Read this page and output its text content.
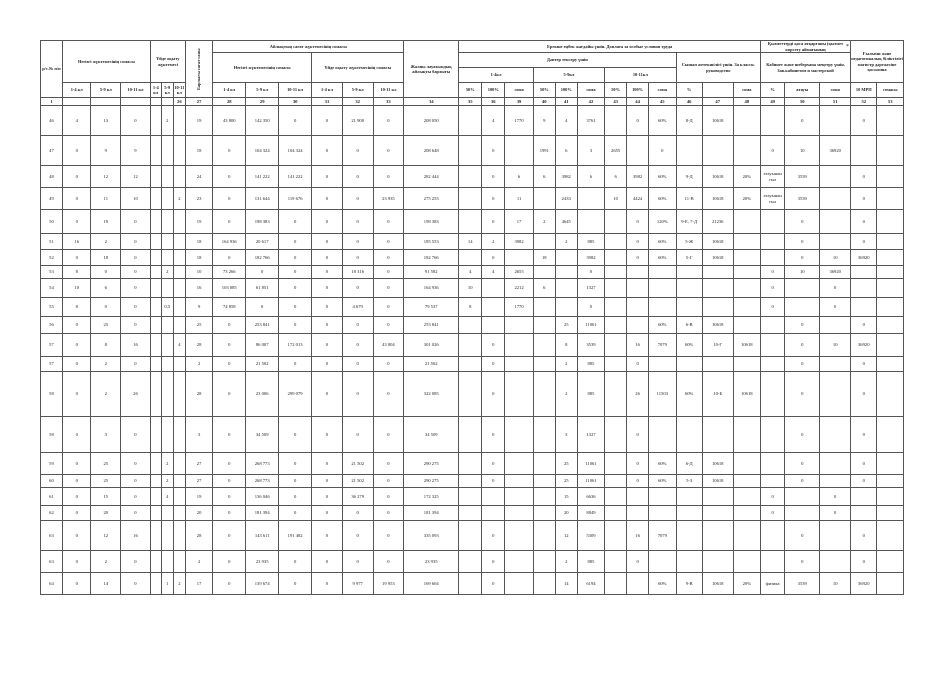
*
р/с.№ п/п	Негізгі жүктемесінің сомасы			Үйде оқыту жүктемесі			Барлығы сағат саны	Айлықтың сағат жүктемесінің сомасы						Жалпы лауазымдық айлықты барлығы	Ерекше еңбек жағдайы үшін. Доплата за особые условия труда												Қызметтерді қоса атқарғаны (қызмет көрсету аймағының			Ғылыми және педагогикалық біліктілігі магистр дәрежесіне қосымша	
								Негізгі жүктемесінің сомасы			Үйде оқыту жүктемесінің сомасы																Кабинет және шеберхана меңгеру үшін. Зав.кабинетом и мастерской				
															Дәптер тексеру үшін									Сынып жетекшілігі үшін. За классн. руководство							
															1-4кл			5-9кл			10-11кл										
	1-4 кл	5-9 кл	10-11 кл	1-4 кл	5-9 кл	10-11 кл		1-4 кл	5-9 кл	10-11 кл	1-4 кл	5-9 кл	10-11 кл		50%	100%	сома	50%	100%	сома	50%	100%	сома	%		сома	%	атауы	сома	10 МРП	сомасы
1						26	27	28	29	30	31	32	33	34	35	36	39	40	41	42	43	44	45	46	47	48	49	50	51	52	53
46	4	13	0		2		19	43 800	142 350	0	0	21 900	0	208 050		4	1770	9	4	3761		0	60%	8-Д	10618			0		0	
47	0	9	9				18	0	104 324	104 324	0	0	0	208 648		0		1991	6	3	2655		0				0	10	36920		
48	0	12	12				24	0	141 222	141 222	0	0	0	282 444		0	6	6	3982	6	6	3982	60%	9-Д	10618	20%	атауынан тыл	3539		0	
49	0	11	10			2	23	0	131 644	119 676	0	0	23 935	275 255		0	11		2433		10	4424	60%	11-В	10618	20%	атауынан тыл	3539		0	
50	0	19	0				19	0	198 383	0	0	0	0	198 383		0	17	2	4645			0	120%	9-Е, 7-Д	21236			0		0	
51	16	2	0				18	164 936	20 617	0	0	0	0	185 553	14	2	3982		2	885		0	60%	5-Ж	10618			0		0	
52	0	18	0				18	0	182 766	0	0	0	0	182 766		0		18		3982		0	60%	5-Г	10618			0	10	36920	
53	8	0	0		2		10	73 266	0	0	0	18 316	0	91 582	4	4	2655			0							0	10	36920		
54	10	6	0				16	103 085	61 851	0	0	0	0	164 936	10		2212	6		1327							0		0		
55	8	0	0		0,5		9	74 858	0	0	0	4 679	0	79 537	8		1770			0							0		0		
56	0	25	0				25	0	253 841	0	0	0	0	253 841					25	11061			60%	6-В	10618			0		0	
57	0	8	16			4	28	0	86 007	172 013	0	0	43 004	301 026		0			8	3539		16	7079	60%	10-Г	10618		0	10	36920	
57	0	2	0				2	0	21 502	0	0	0	0	21 502		0			2	885		0						0		0	
58	0	2	26				28	0	23 006	299 079	0	0	0	322 085		0			2	885		26	11503	60%	10-Б	10618		0		0	
58	0	3	0				3	0	34 509	0	0	0	0	34 509		0			3	1327		0						0		0	
59	0	25	0		2		27	0	268 773	0	0	21 502	0	290 275		0			25	11061		0	60%	6-Д	10618			0		0	
60	0	25	0		2		27	0	268 773	0	0	21 502	0	290 275		0			25	11061		0	60%	5-З	10618			0		0	
61	0	15	0		4		19	0	136 046	0	0	36 279	0	172 325					15	6636							0		0		
62	0	20	0				20	0	181 394	0	0	0	0	181 394					20	8849							0		0		
63	0	12	16				28	0	143 611	191 482	0	0	0	335 093		0			12	5309		16	7079					0		0	
63	0	2	0				2	0	23 935	0	0	0	0	23 935		0			2	885		0						0		0	
64	0	14	0		1	2	17	0	139 674	0	0	9 977	19 953	169 604		0			14	6194			60%	9-В	10618	20%	физика	3539	10	36920	
